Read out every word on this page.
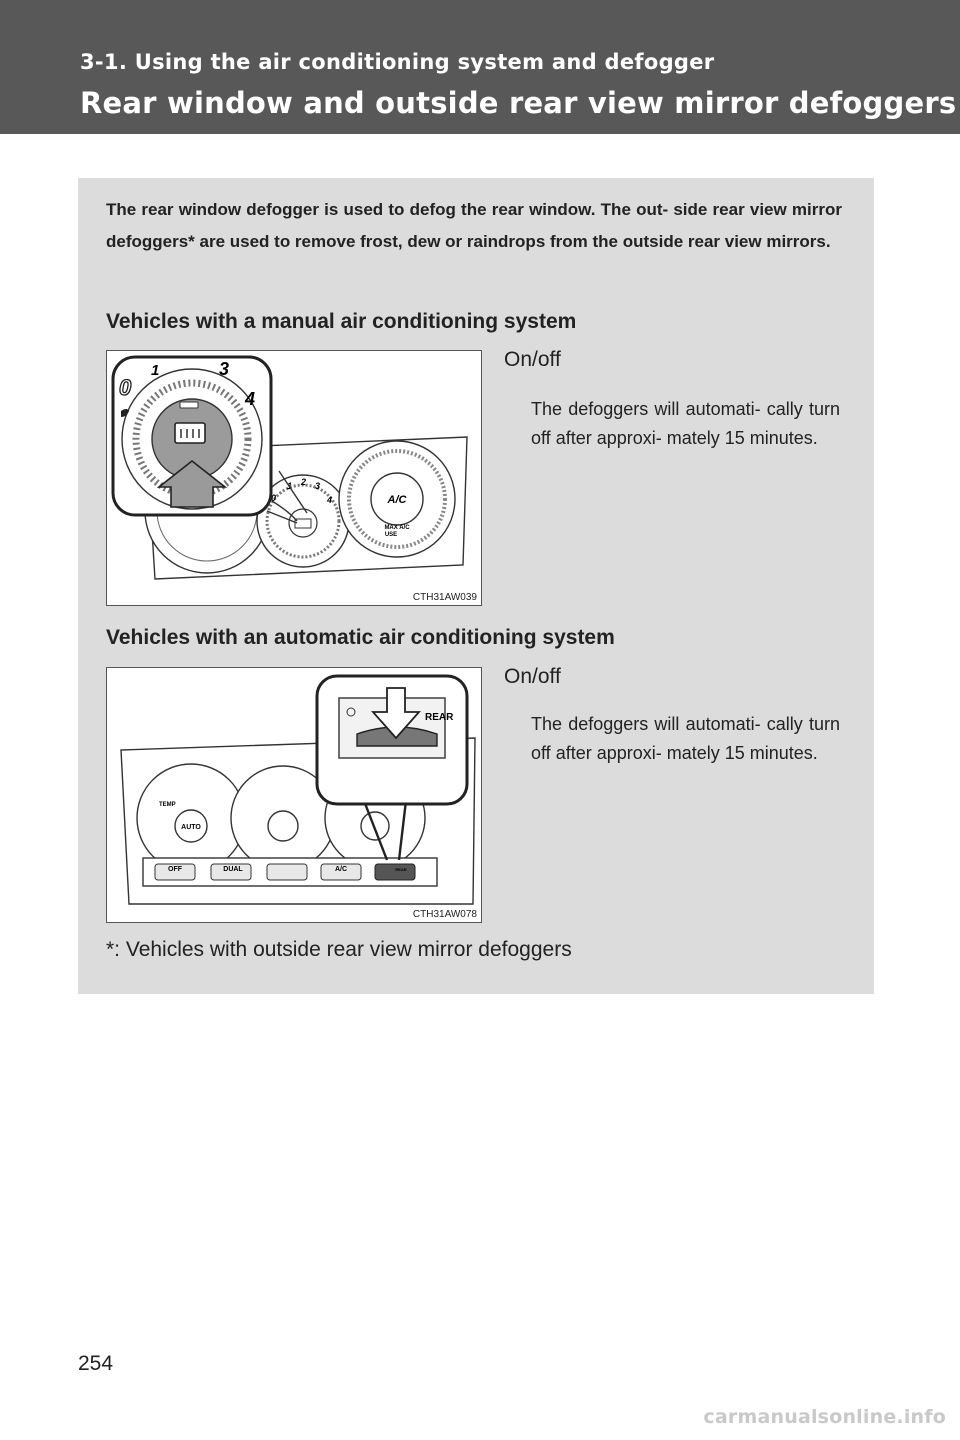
3-1. Using the air conditioning system and defogger
Rear window and outside rear view mirror defoggers
The rear window defogger is used to defog the rear window. The out- side rear view mirror defoggers* are used to remove frost, dew or raindrops from the outside rear view mirrors.
Vehicles with a manual air conditioning system
0
1 2 3
4	A/C
MAX A/C
USE
0
1	3
4
CTH31AW039
On/off
The defoggers will automati- cally turn off after approxi- mately 15 minutes.
Vehicles with an automatic air conditioning system
TEMP
AUTO
OFF	DUAL	A/C	REAR
REAR
CTH31AW078
On/off
The defoggers will automati- cally turn off after approxi- mately 15 minutes.
*: Vehicles with outside rear view mirror defoggers
254
carmanualsonline.info
